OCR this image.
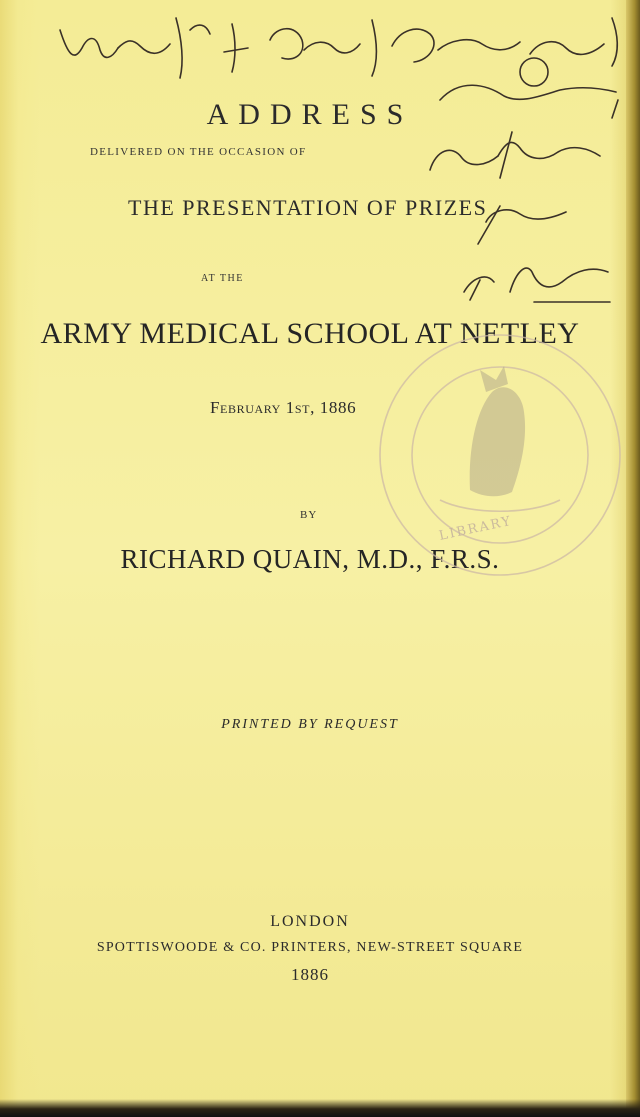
ADDRESS
DELIVERED ON THE OCCASION OF
THE PRESENTATION OF PRIZES
AT THE
ARMY MEDICAL SCHOOL AT NETLEY
February 1st, 1886
BY
RICHARD QUAIN, M.D., F.R.S.
PRINTED BY REQUEST
LONDON
SPOTTISWOODE & CO. PRINTERS, NEW-STREET SQUARE
1886
LIBRARY
